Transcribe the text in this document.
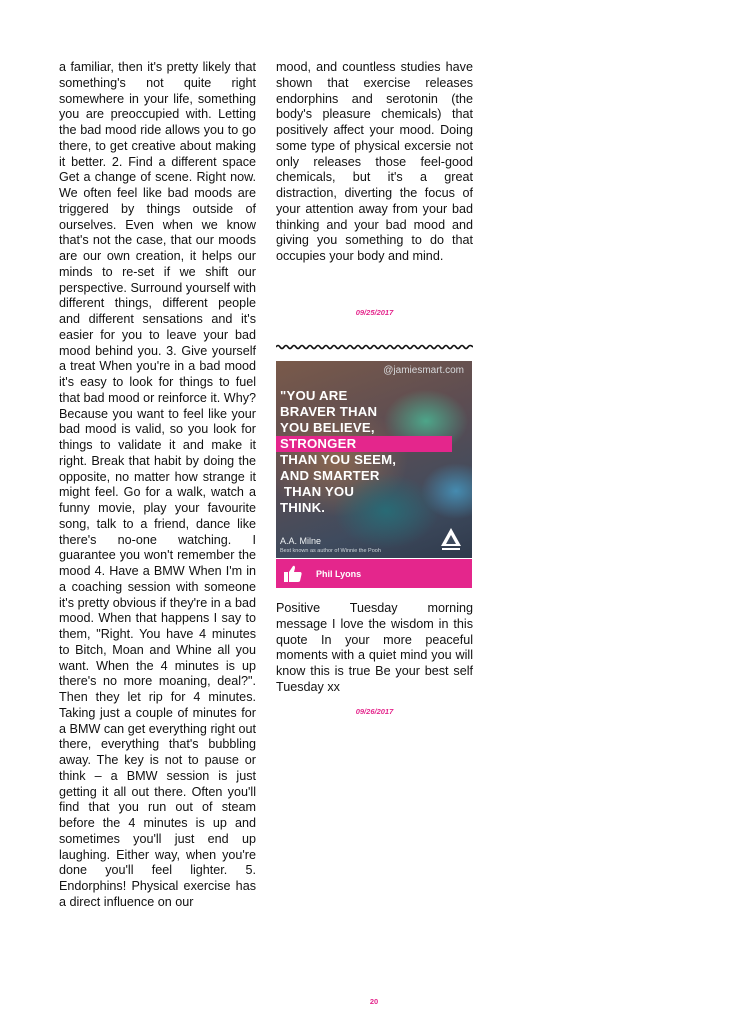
a familiar, then it's pretty likely that something's not quite right somewhere in your life, something you are preoccupied with. Letting the bad mood ride allows you to go there, to get creative about making it better. 2. Find a different space Get a change of scene. Right now. We often feel like bad moods are triggered by things outside of ourselves. Even when we know that's not the case, that our moods are our own creation, it helps our minds to re-set if we shift our perspective. Surround yourself with different things, different people and different sensations and it's easier for you to leave your bad mood behind you. 3. Give yourself a treat When you're in a bad mood it's easy to look for things to fuel that bad mood or reinforce it. Why? Because you want to feel like your bad mood is valid, so you look for things to validate it and make it right. Break that habit by doing the opposite, no matter how strange it might feel. Go for a walk, watch a funny movie, play your favourite song, talk to a friend, dance like there's no-one watching. I guarantee you won't remember the mood 4. Have a BMW When I'm in a coaching session with someone it's pretty obvious if they're in a bad mood. When that happens I say to them, "Right. You have 4 minutes to Bitch, Moan and Whine all you want. When the 4 minutes is up there's no more moaning, deal?". Then they let rip for 4 minutes. Taking just a couple of minutes for a BMW can get everything right out there, everything that's bubbling away. The key is not to pause or think – a BMW session is just getting it all out there. Often you'll find that you run out of steam before the 4 minutes is up and sometimes you'll just end up laughing. Either way, when you're done you'll feel lighter. 5. Endorphins! Physical exercise has a direct influence on our

mood, and countless studies have shown that exercise releases endorphins and serotonin (the body's pleasure chemicals) that positively affect your mood. Doing some type of physical excersie not only releases those feel-good chemicals, but it's a great distraction, diverting the focus of your attention away from your bad thinking and your bad mood and giving you something to do that occupies your body and mind.

09/25/2017

@jamiesmart.com
"YOU ARE
BRAVER THAN
YOU BELIEVE,
STRONGER
THAN YOU SEEM,
AND SMARTER
THAN YOU
THINK.
A.A. Milne
Best known as author of Winnie the Pooh
Phil Lyons

Positive Tuesday morning message I love the wisdom in this quote In your more peaceful moments with a quiet mind you will know this is true Be your best self Tuesday xx

09/26/2017

20
